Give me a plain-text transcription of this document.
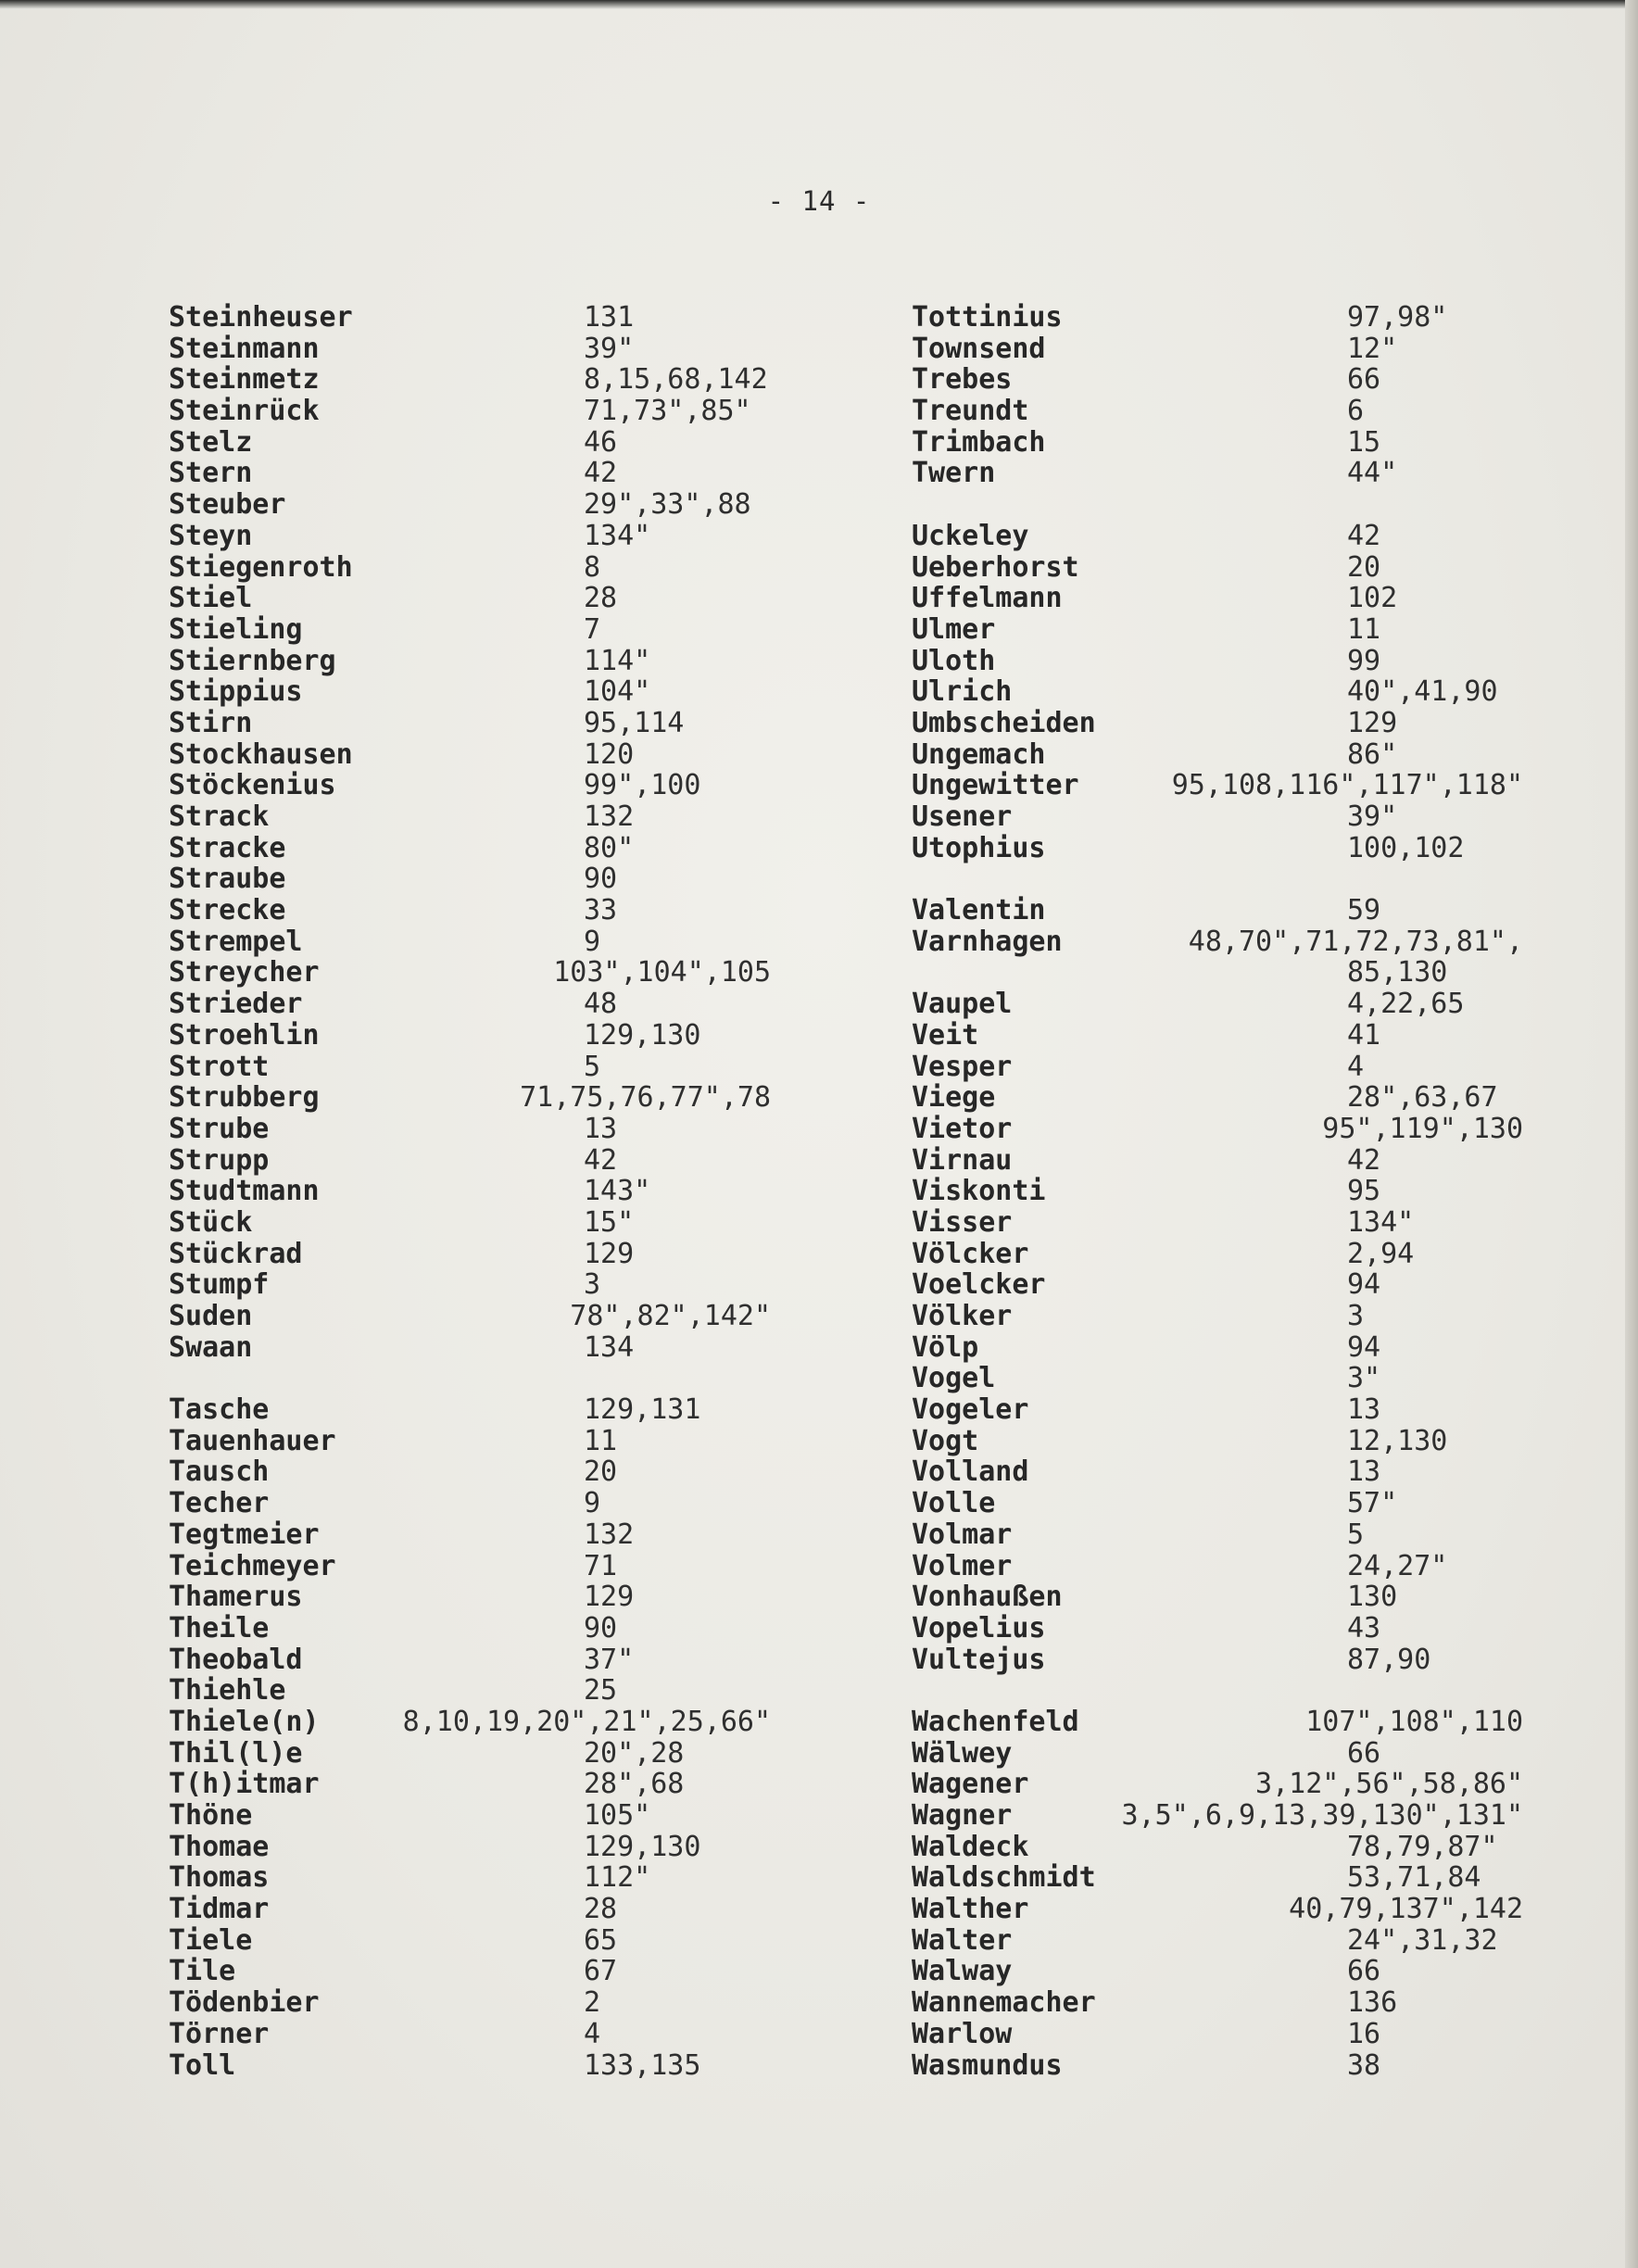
- 14 -
Steinheuser	131
Steinmann	39"
Steinmetz	8,15,68,142
Steinrück	71,73",85"
Stelz	46
Stern	42
Steuber	29",33",88
Steyn	134"
Stiegenroth	8
Stiel	28
Stieling	7
Stiernberg	114"
Stippius	104"
Stirn	95,114
Stockhausen	120
Stöckenius	99",100
Strack	132
Stracke	80"
Straube	90
Strecke	33
Strempel	9
Streycher	103",104",105
Strieder	48
Stroehlin	129,130
Strott	5
Strubberg	71,75,76,77",78
Strube	13
Strupp	42
Studtmann	143"
Stück	15"
Stückrad	129
Stumpf	3
Suden	78",82",142"
Swaan	134
Tasche	129,131
Tauenhauer	11
Tausch	20
Techer	9
Tegtmeier	132
Teichmeyer	71
Thamerus	129
Theile	90
Theobald	37"
Thiehle	25
Thiele(n)	8,10,19,20",21",25,66"
Thil(l)e	20",28
T(h)itmar	28",68
Thöne	105"
Thomae	129,130
Thomas	112"
Tidmar	28
Tiele	65
Tile	67
Tödenbier	2
Törner	4
Toll	133,135
Tottinius	97,98"
Townsend	12"
Trebes	66
Treundt	6
Trimbach	15
Twern	44"
Uckeley	42
Ueberhorst	20
Uffelmann	102
Ulmer	11
Uloth	99
Ulrich	40",41,90
Umbscheiden	129
Ungemach	86"
Ungewitter	95,108,116",117",118"
Usener	39"
Utophius	100,102
Valentin	59
Varnhagen	48,70",71,72,73,81",
85,130
Vaupel	4,22,65
Veit	41
Vesper	4
Viege	28",63,67
Vietor	95",119",130
Virnau	42
Viskonti	95
Visser	134"
Völcker	2,94
Voelcker	94
Völker	3
Völp	94
Vogel	3"
Vogeler	13
Vogt	12,130
Volland	13
Volle	57"
Volmar	5
Volmer	24,27"
Vonhaußen	130
Vopelius	43
Vultejus	87,90
Wachenfeld	107",108",110
Wälwey	66
Wagener	3,12",56",58,86"
Wagner	3,5",6,9,13,39,130",131"
Waldeck	78,79,87"
Waldschmidt	53,71,84
Walther	40,79,137",142
Walter	24",31,32
Walway	66
Wannemacher	136
Warlow	16
Wasmundus	38
